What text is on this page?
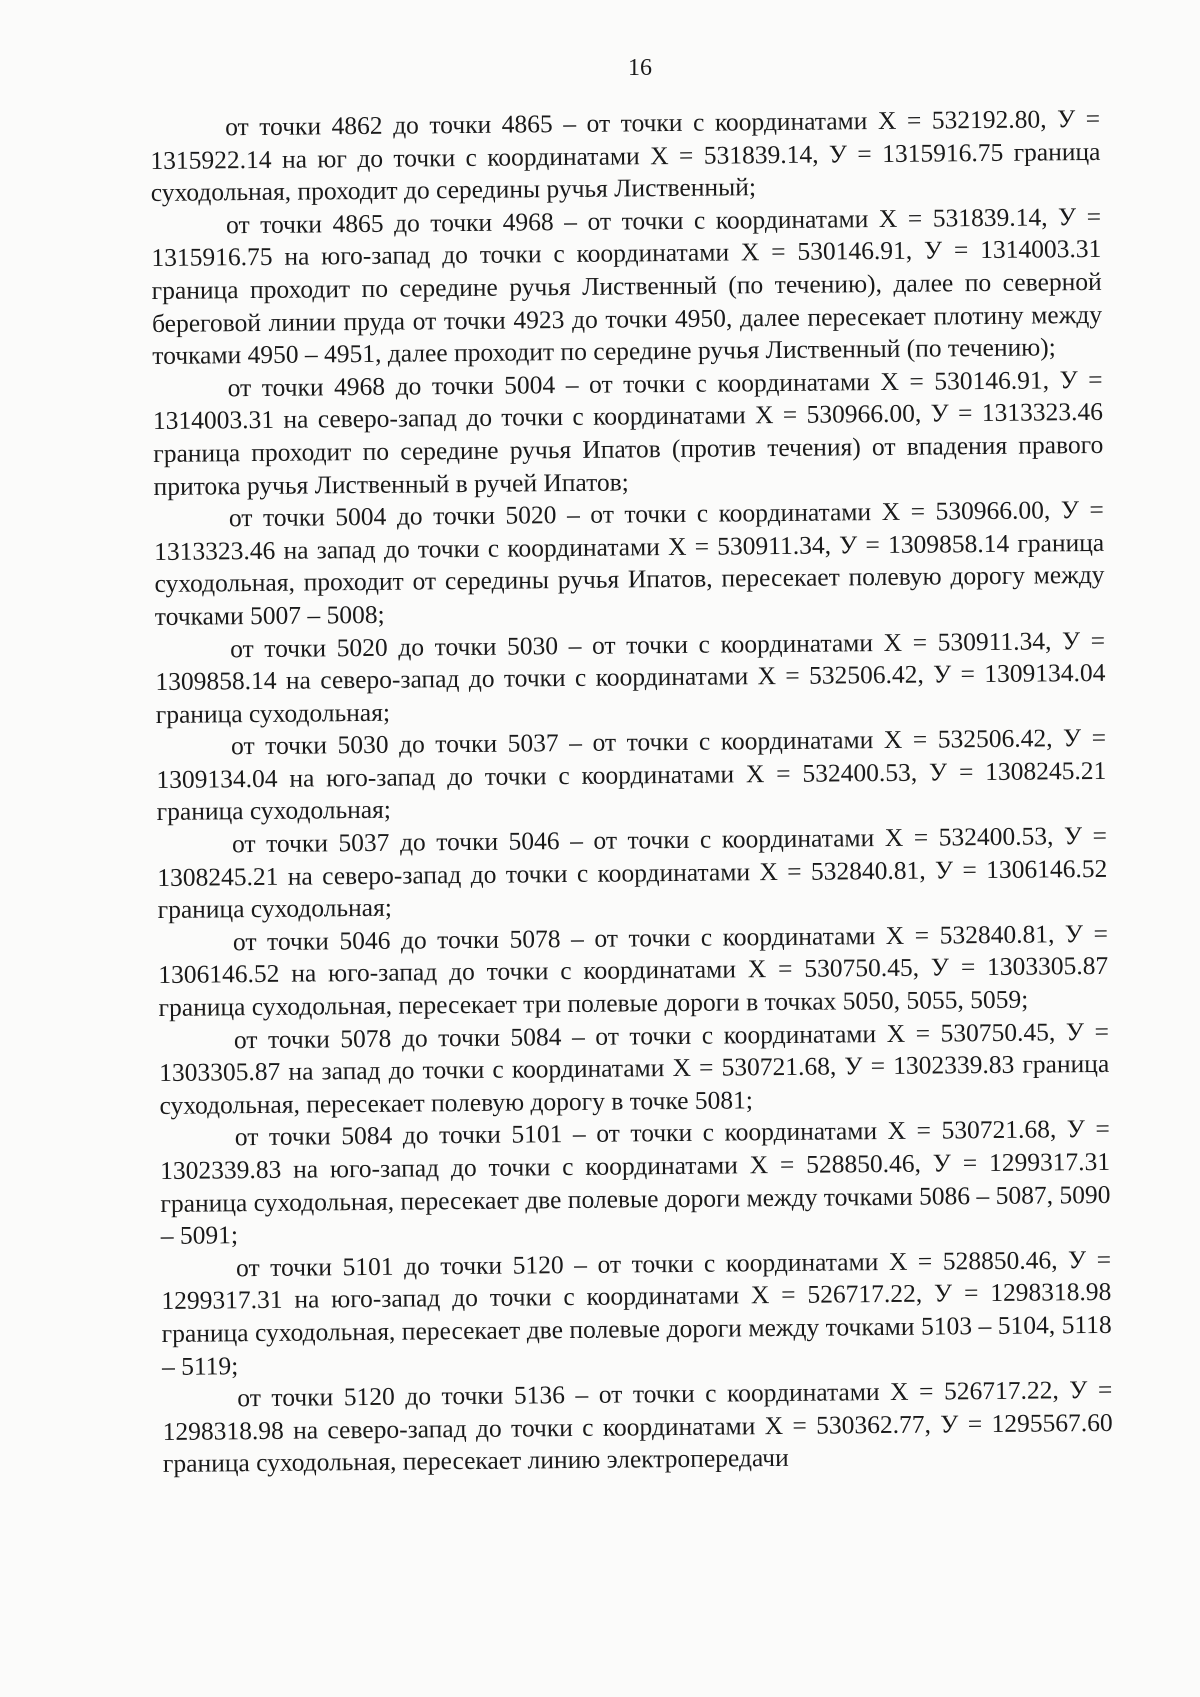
16

от точки 4862 до точки 4865 – от точки с координатами Х = 532192.80, У = 1315922.14 на юг до точки с координатами Х = 531839.14, У = 1315916.75 граница суходольная, проходит до середины ручья Лиственный;

от точки 4865 до точки 4968 – от точки с координатами Х = 531839.14, У = 1315916.75 на юго-запад до точки с координатами Х = 530146.91, У = 1314003.31 граница проходит по середине ручья Лиственный (по течению), далее по северной береговой линии пруда от точки 4923 до точки 4950, далее пересекает плотину между точками 4950 – 4951, далее проходит по середине ручья Лиственный (по течению);

от точки 4968 до точки 5004 – от точки с координатами Х = 530146.91, У = 1314003.31 на северо-запад до точки с координатами Х = 530966.00, У = 1313323.46 граница проходит по середине ручья Ипатов (против течения) от впадения правого притока ручья Лиственный в ручей Ипатов;

от точки 5004 до точки 5020 – от точки с координатами Х = 530966.00, У = 1313323.46 на запад до точки с координатами Х = 530911.34, У = 1309858.14 граница суходольная, проходит от середины ручья Ипатов, пересекает полевую дорогу между точками 5007 – 5008;

от точки 5020 до точки 5030 – от точки с координатами Х = 530911.34, У = 1309858.14 на северо-запад до точки с координатами Х = 532506.42, У = 1309134.04 граница суходольная;

от точки 5030 до точки 5037 – от точки с координатами Х = 532506.42, У = 1309134.04 на юго-запад до точки с координатами Х = 532400.53, У = 1308245.21 граница суходольная;

от точки 5037 до точки 5046 – от точки с координатами Х = 532400.53, У = 1308245.21 на северо-запад до точки с координатами Х = 532840.81, У = 1306146.52 граница суходольная;

от точки 5046 до точки 5078 – от точки с координатами Х = 532840.81, У = 1306146.52 на юго-запад до точки с координатами Х = 530750.45, У = 1303305.87 граница суходольная, пересекает три полевые дороги в точках 5050, 5055, 5059;

от точки 5078 до точки 5084 – от точки с координатами Х = 530750.45, У = 1303305.87 на запад до точки с координатами Х = 530721.68, У = 1302339.83 граница суходольная, пересекает полевую дорогу в точке 5081;

от точки 5084 до точки 5101 – от точки с координатами Х = 530721.68, У = 1302339.83 на юго-запад до точки с координатами Х = 528850.46, У = 1299317.31 граница суходольная, пересекает две полевые дороги между точками 5086 – 5087, 5090 – 5091;

от точки 5101 до точки 5120 – от точки с координатами Х = 528850.46, У = 1299317.31 на юго-запад до точки с координатами Х = 526717.22, У = 1298318.98 граница суходольная, пересекает две полевые дороги между точками 5103 – 5104, 5118 – 5119;

от точки 5120 до точки 5136 – от точки с координатами Х = 526717.22, У = 1298318.98 на северо-запад до точки с координатами Х = 530362.77, У = 1295567.60 граница суходольная, пересекает линию электропередачи
